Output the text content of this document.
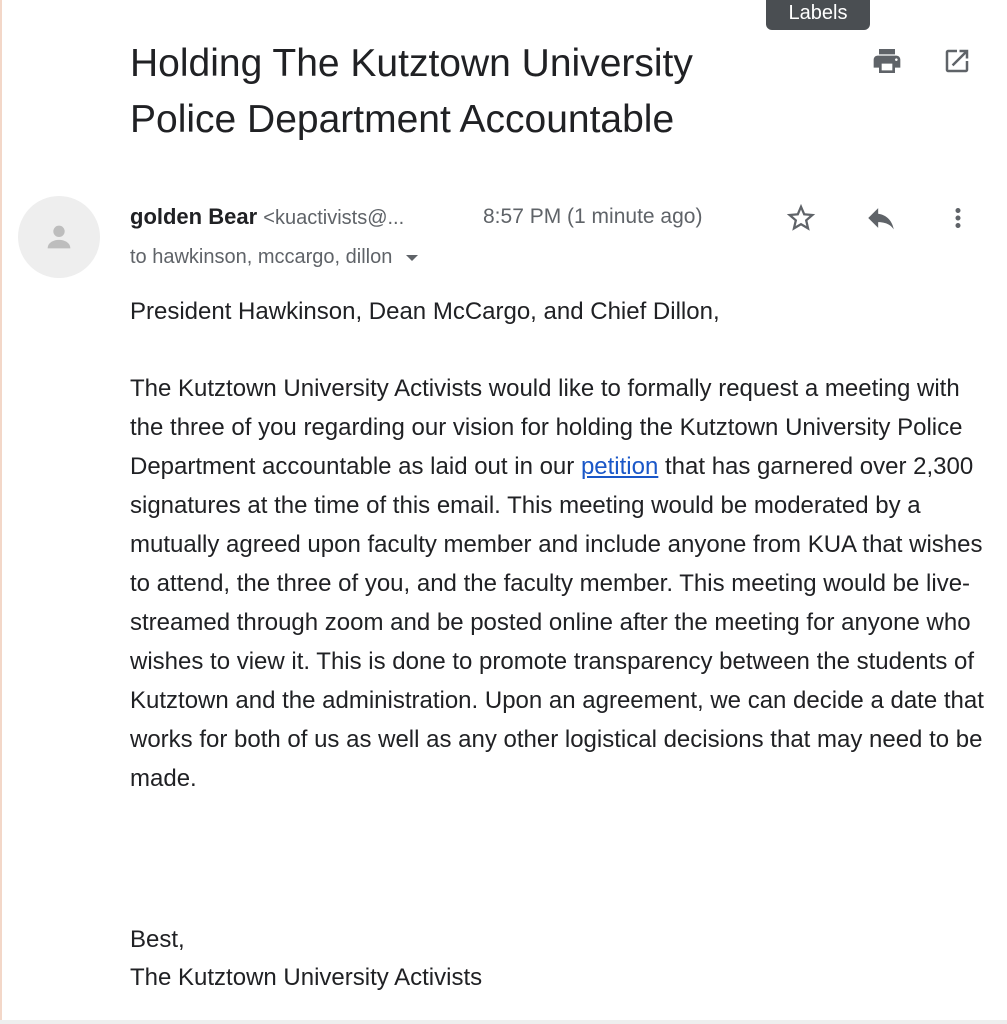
Labels
Holding The Kutztown University
Police Department Accountable
golden Bear <kuactivists@...	8:57 PM (1 minute ago)
to hawkinson, mccargo, dillon

President Hawkinson, Dean McCargo, and Chief Dillon,

The Kutztown University Activists would like to formally request a meeting with the three of you regarding our vision for holding the Kutztown University Police Department accountable as laid out in our petition that has garnered over 2,300 signatures at the time of this email. This meeting would be moderated by a mutually agreed upon faculty member and include anyone from KUA that wishes to attend, the three of you, and the faculty member. This meeting would be live-streamed through zoom and be posted online after the meeting for anyone who wishes to view it. This is done to promote transparency between the students of Kutztown and the administration. Upon an agreement, we can decide a date that works for both of us as well as any other logistical decisions that may need to be made.

Best,

The Kutztown University Activists
